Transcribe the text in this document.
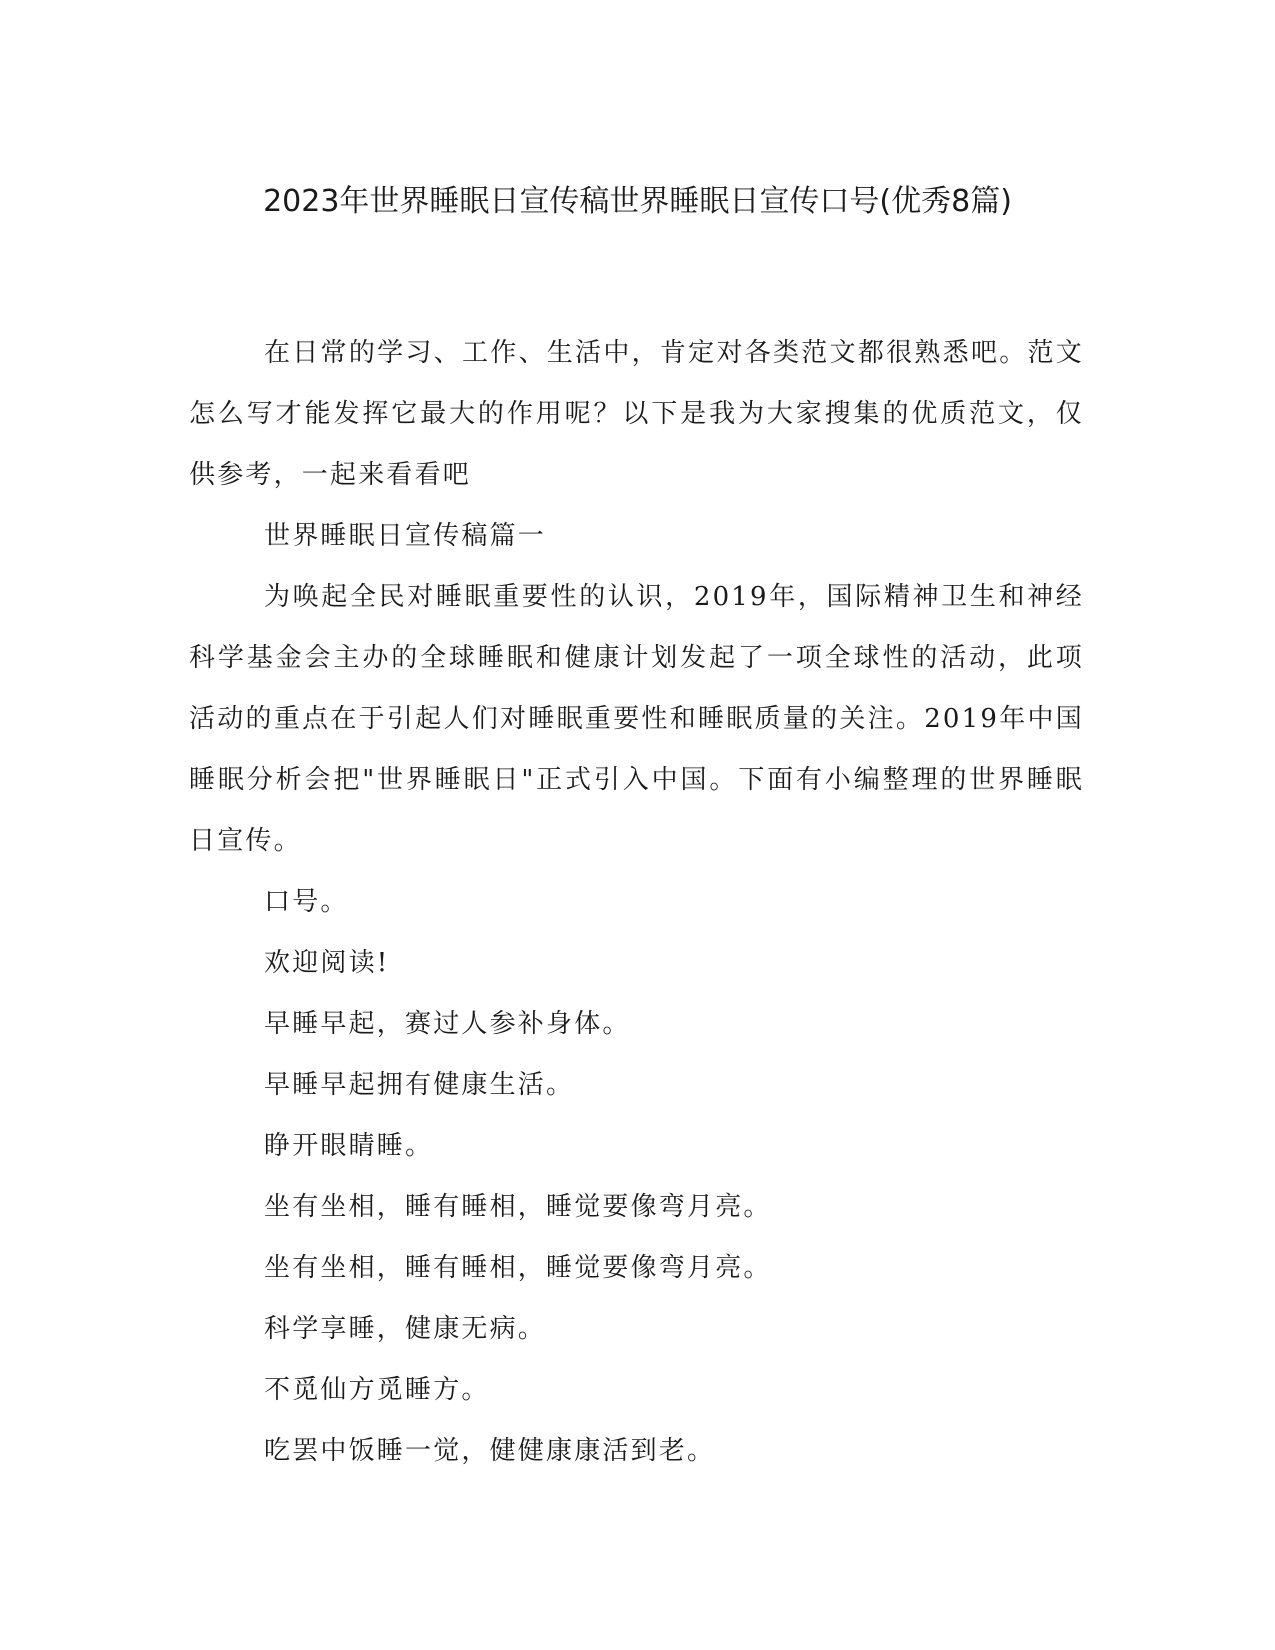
2023年世界睡眠日宣传稿世界睡眠日宣传口号(优秀8篇)

在日常的学习、工作、生活中，肯定对各类范文都很熟悉吧。范文怎么写才能发挥它最大的作用呢？以下是我为大家搜集的优质范文，仅供参考，一起来看看吧

世界睡眠日宣传稿篇一

为唤起全民对睡眠重要性的认识，2019年，国际精神卫生和神经科学基金会主办的全球睡眠和健康计划发起了一项全球性的活动，此项活动的重点在于引起人们对睡眠重要性和睡眠质量的关注。2019年中国睡眠分析会把"世界睡眠日"正式引入中国。下面有小编整理的世界睡眠日宣传。

口号。

欢迎阅读!

早睡早起，赛过人参补身体。

早睡早起拥有健康生活。

睁开眼睛睡。

坐有坐相，睡有睡相，睡觉要像弯月亮。

坐有坐相，睡有睡相，睡觉要像弯月亮。

科学享睡，健康无病。

不觅仙方觅睡方。

吃罢中饭睡一觉，健健康康活到老。
